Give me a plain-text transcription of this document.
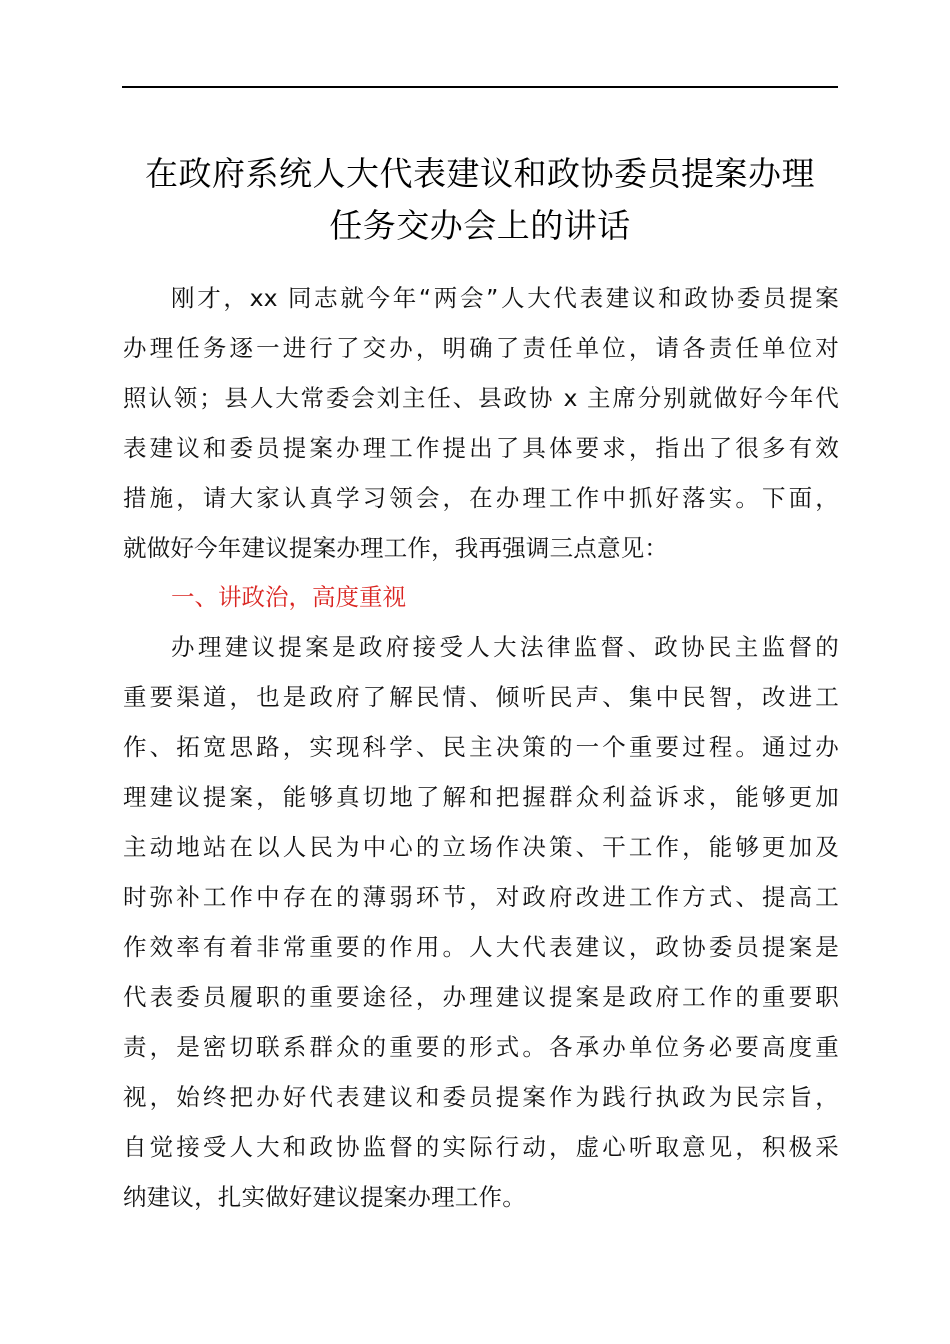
在政府系统人大代表建议和政协委员提案办理
任务交办会上的讲话
刚才，xx 同志就今年“两会”人大代表建议和政协委员提案
办理任务逐一进行了交办，明确了责任单位，请各责任单位对
照认领；县人大常委会刘主任、县政协 x 主席分别就做好今年代
表建议和委员提案办理工作提出了具体要求，指出了很多有效
措施，请大家认真学习领会，在办理工作中抓好落实。下面，
就做好今年建议提案办理工作，我再强调三点意见：
一、讲政治，高度重视
办理建议提案是政府接受人大法律监督、政协民主监督的
重要渠道，也是政府了解民情、倾听民声、集中民智，改进工
作、拓宽思路，实现科学、民主决策的一个重要过程。通过办
理建议提案，能够真切地了解和把握群众利益诉求，能够更加
主动地站在以人民为中心的立场作决策、干工作，能够更加及
时弥补工作中存在的薄弱环节，对政府改进工作方式、提高工
作效率有着非常重要的作用。人大代表建议，政协委员提案是
代表委员履职的重要途径，办理建议提案是政府工作的重要职
责，是密切联系群众的重要的形式。各承办单位务必要高度重
视，始终把办好代表建议和委员提案作为践行执政为民宗旨，
自觉接受人大和政协监督的实际行动，虚心听取意见，积极采
纳建议，扎实做好建议提案办理工作。
